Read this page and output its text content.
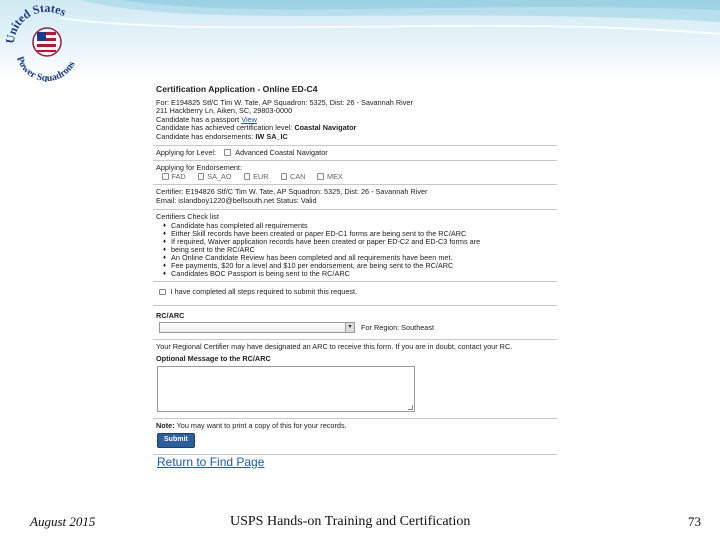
United States
Power Squadrons
Certification Application - Online ED-C4
For: E194825 Stf/C Tim W. Tate, AP Squadron: 5325, Dist: 26 - Savannah River
211 Hackberry Ln, Aiken, SC, 29803-0000
Candidate has a passport View
Candidate has achieved certification level: Coastal Navigator
Candidate has endorsements: IW SA_IC
Applying for Level:	Advanced Coastal Navigator
Applying for Endorsement:
FAD	SA_AO	EUR	CAN	MEX
Certifier: E194826 Stf/C Tim W. Tate, AP Squadron: 5325, Dist: 26 - Savannah River
Email: islandboy1220@bellsouth.net Status: Valid
Certifiers Check list
♦ Candidate has completed all requirements
♦ Either Skill records have been created or paper ED-C1 forms are being sent to the RC/ARC
♦ If required, Waiver application records have been created or paper ED-C2 and ED-C3 forms are
♦ being sent to the RC/ARC
♦ An Online Candidate Review has been completed and all requirements have been met.
♦ Fee payments, $20 for a level and $10 per endorsement, are being sent to the RC/ARC
♦ Candidates BOC Passport is being sent to the RC/ARC
I have completed all steps required to submit this request.
RC/ARC
▾	For Region: Southeast
Your Regional Certifier may have designated an ARC to receive this form. If you are in doubt, contact your RC.
Optional Message to the RC/ARC
Note: You may want to print a copy of this for your records.
Submit
Return to Find Page
August 2015	USPS Hands-on Training and Certification	73
